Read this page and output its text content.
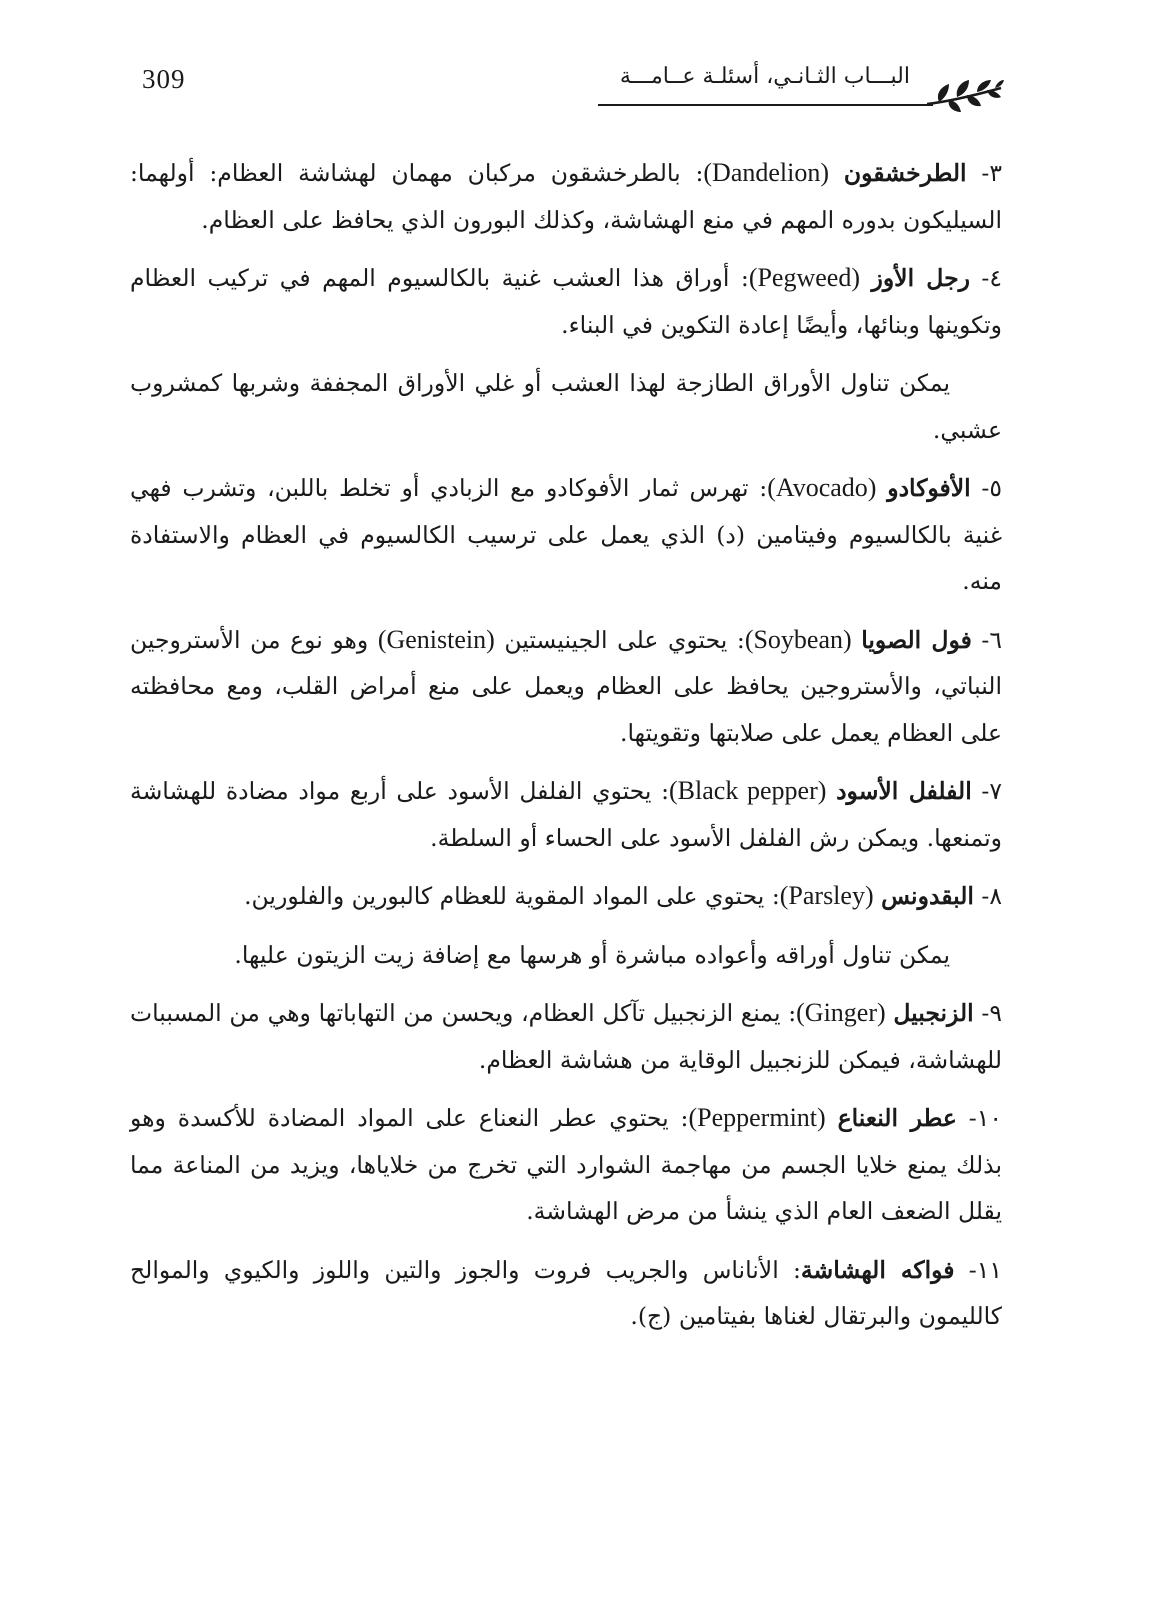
309	البـــاب الثـانـي، أسئلـة عــامـــة

٣- الطرخشقون (Dandelion): بالطرخشقون مركبان مهمان لهشاشة العظام: أولهما: السيليكون بدوره المهم في منع الهشاشة، وكذلك البورون الذي يحافظ على العظام.

٤- رجل الأوز (Pegweed): أوراق هذا العشب غنية بالكالسيوم المهم في تركيب العظام وتكوينها وبنائها، وأيضًا إعادة التكوين في البناء.

يمكن تناول الأوراق الطازجة لهذا العشب أو غلي الأوراق المجففة وشربها كمشروب عشبي.

٥- الأفوكادو (Avocado): تهرس ثمار الأفوكادو مع الزبادي أو تخلط باللبن، وتشرب فهي غنية بالكالسيوم وفيتامين (د) الذي يعمل على ترسيب الكالسيوم في العظام والاستفادة منه.

٦- فول الصويا (Soybean): يحتوي على الجينيستين (Genistein) وهو نوع من الأستروجين النباتي، والأستروجين يحافظ على العظام ويعمل على منع أمراض القلب، ومع محافظته على العظام يعمل على صلابتها وتقويتها.

٧- الفلفل الأسود (Black pepper): يحتوي الفلفل الأسود على أربع مواد مضادة للهشاشة وتمنعها. ويمكن رش الفلفل الأسود على الحساء أو السلطة.

٨- البقدونس (Parsley): يحتوي على المواد المقوية للعظام كالبورين والفلورين.

يمكن تناول أوراقه وأعواده مباشرة أو هرسها مع إضافة زيت الزيتون عليها.

٩- الزنجبيل (Ginger): يمنع الزنجبيل تآكل العظام، ويحسن من التهاباتها وهي من المسببات للهشاشة، فيمكن للزنجبيل الوقاية من هشاشة العظام.

١٠- عطر النعناع (Peppermint): يحتوي عطر النعناع على المواد المضادة للأكسدة وهو بذلك يمنع خلايا الجسم من مهاجمة الشوارد التي تخرج من خلاياها، ويزيد من المناعة مما يقلل الضعف العام الذي ينشأ من مرض الهشاشة.

١١- فواكه الهشاشة: الأناناس والجريب فروت والجوز والتين واللوز والكيوي والموالح كالليمون والبرتقال لغناها بفيتامين (ج).
